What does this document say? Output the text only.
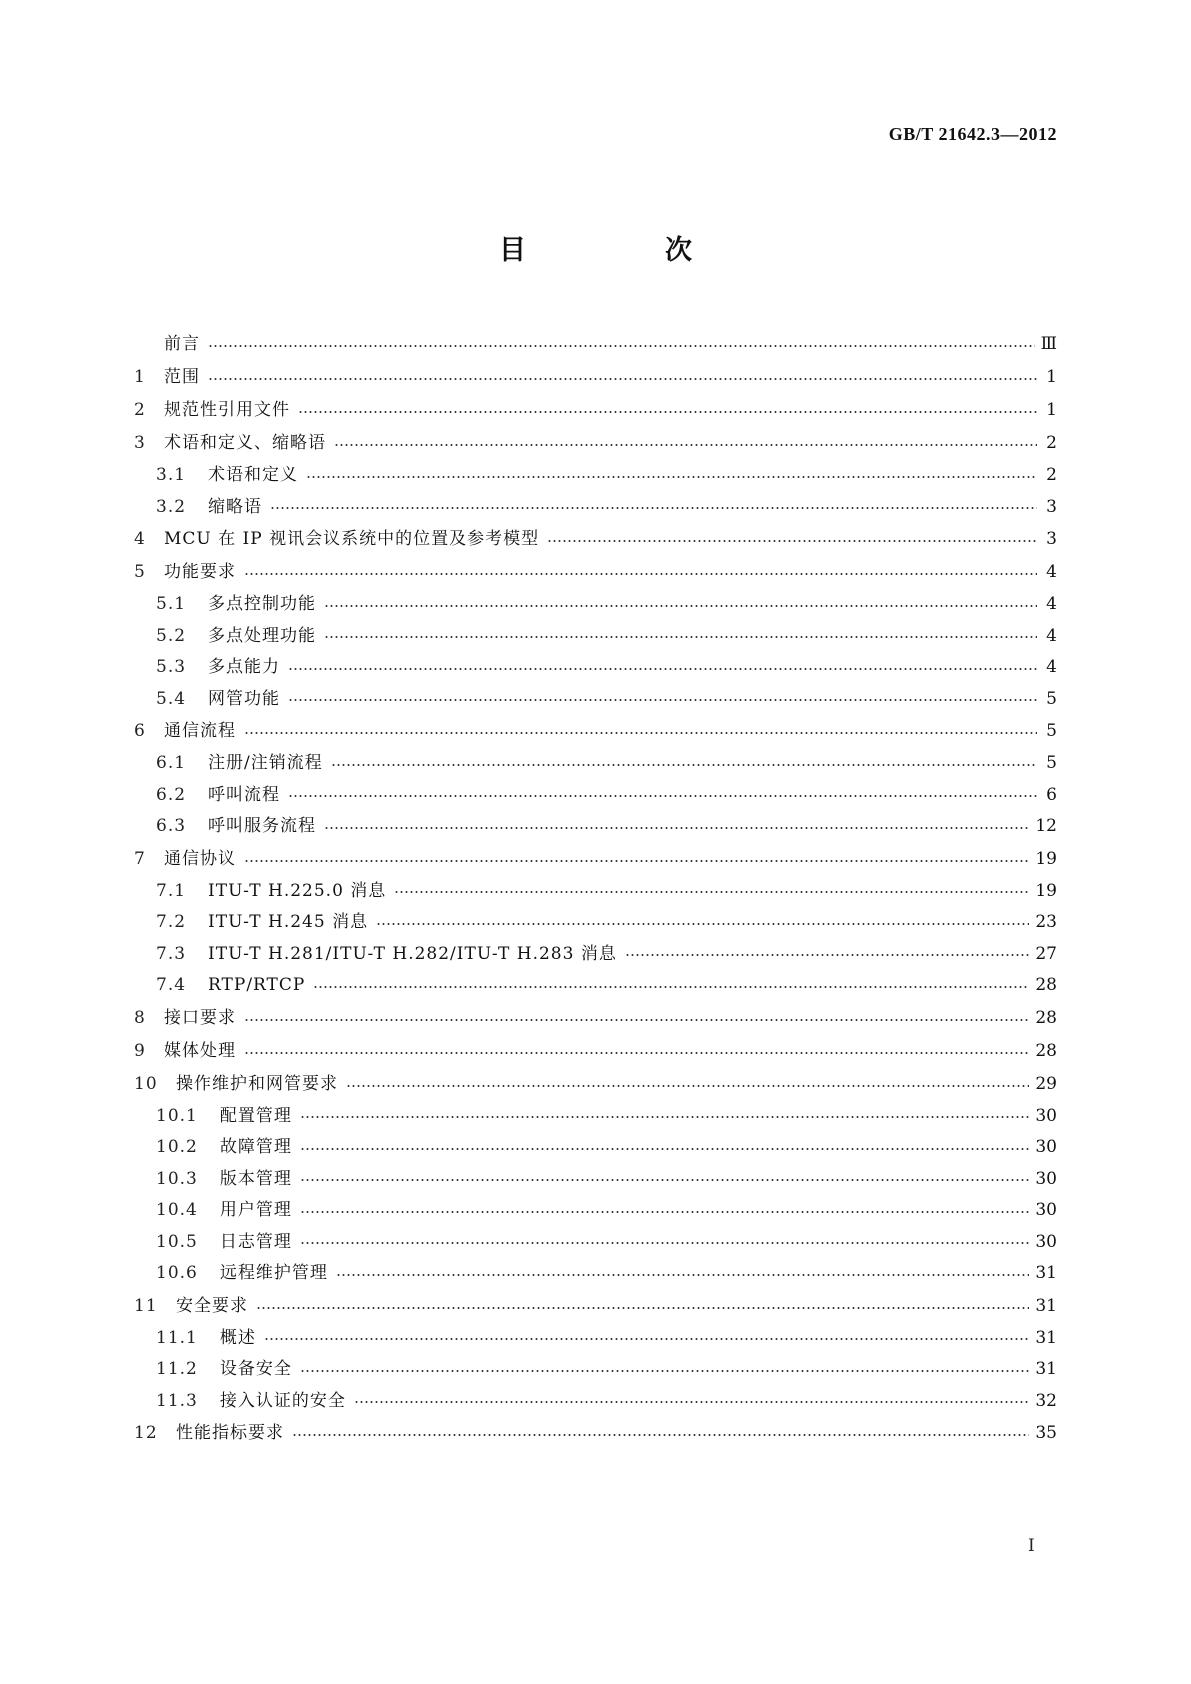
GB/T 21642.3—2012
目　次
前言	Ⅲ
1	范围	1
2	规范性引用文件	1
3	术语和定义、缩略语	2
3.1 术语和定义	2
3.2 缩略语	3
4	MCU 在 IP 视讯会议系统中的位置及参考模型	3
5	功能要求	4
5.1 多点控制功能	4
5.2 多点处理功能	4
5.3 多点能力	4
5.4 网管功能	5
6	通信流程	5
6.1 注册/注销流程	5
6.2 呼叫流程	6
6.3 呼叫服务流程	12
7	通信协议	19
7.1 ITU-T H.225.0 消息	19
7.2 ITU-T H.245 消息	23
7.3 ITU-T H.281/ITU-T H.282/ITU-T H.283 消息	27
7.4 RTP/RTCP	28
8	接口要求	28
9	媒体处理	28
10	操作维护和网管要求	29
10.1 配置管理	30
10.2 故障管理	30
10.3 版本管理	30
10.4 用户管理	30
10.5 日志管理	30
10.6 远程维护管理	31
11	安全要求	31
11.1 概述	31
11.2 设备安全	31
11.3 接入认证的安全	32
12	性能指标要求	35
I
